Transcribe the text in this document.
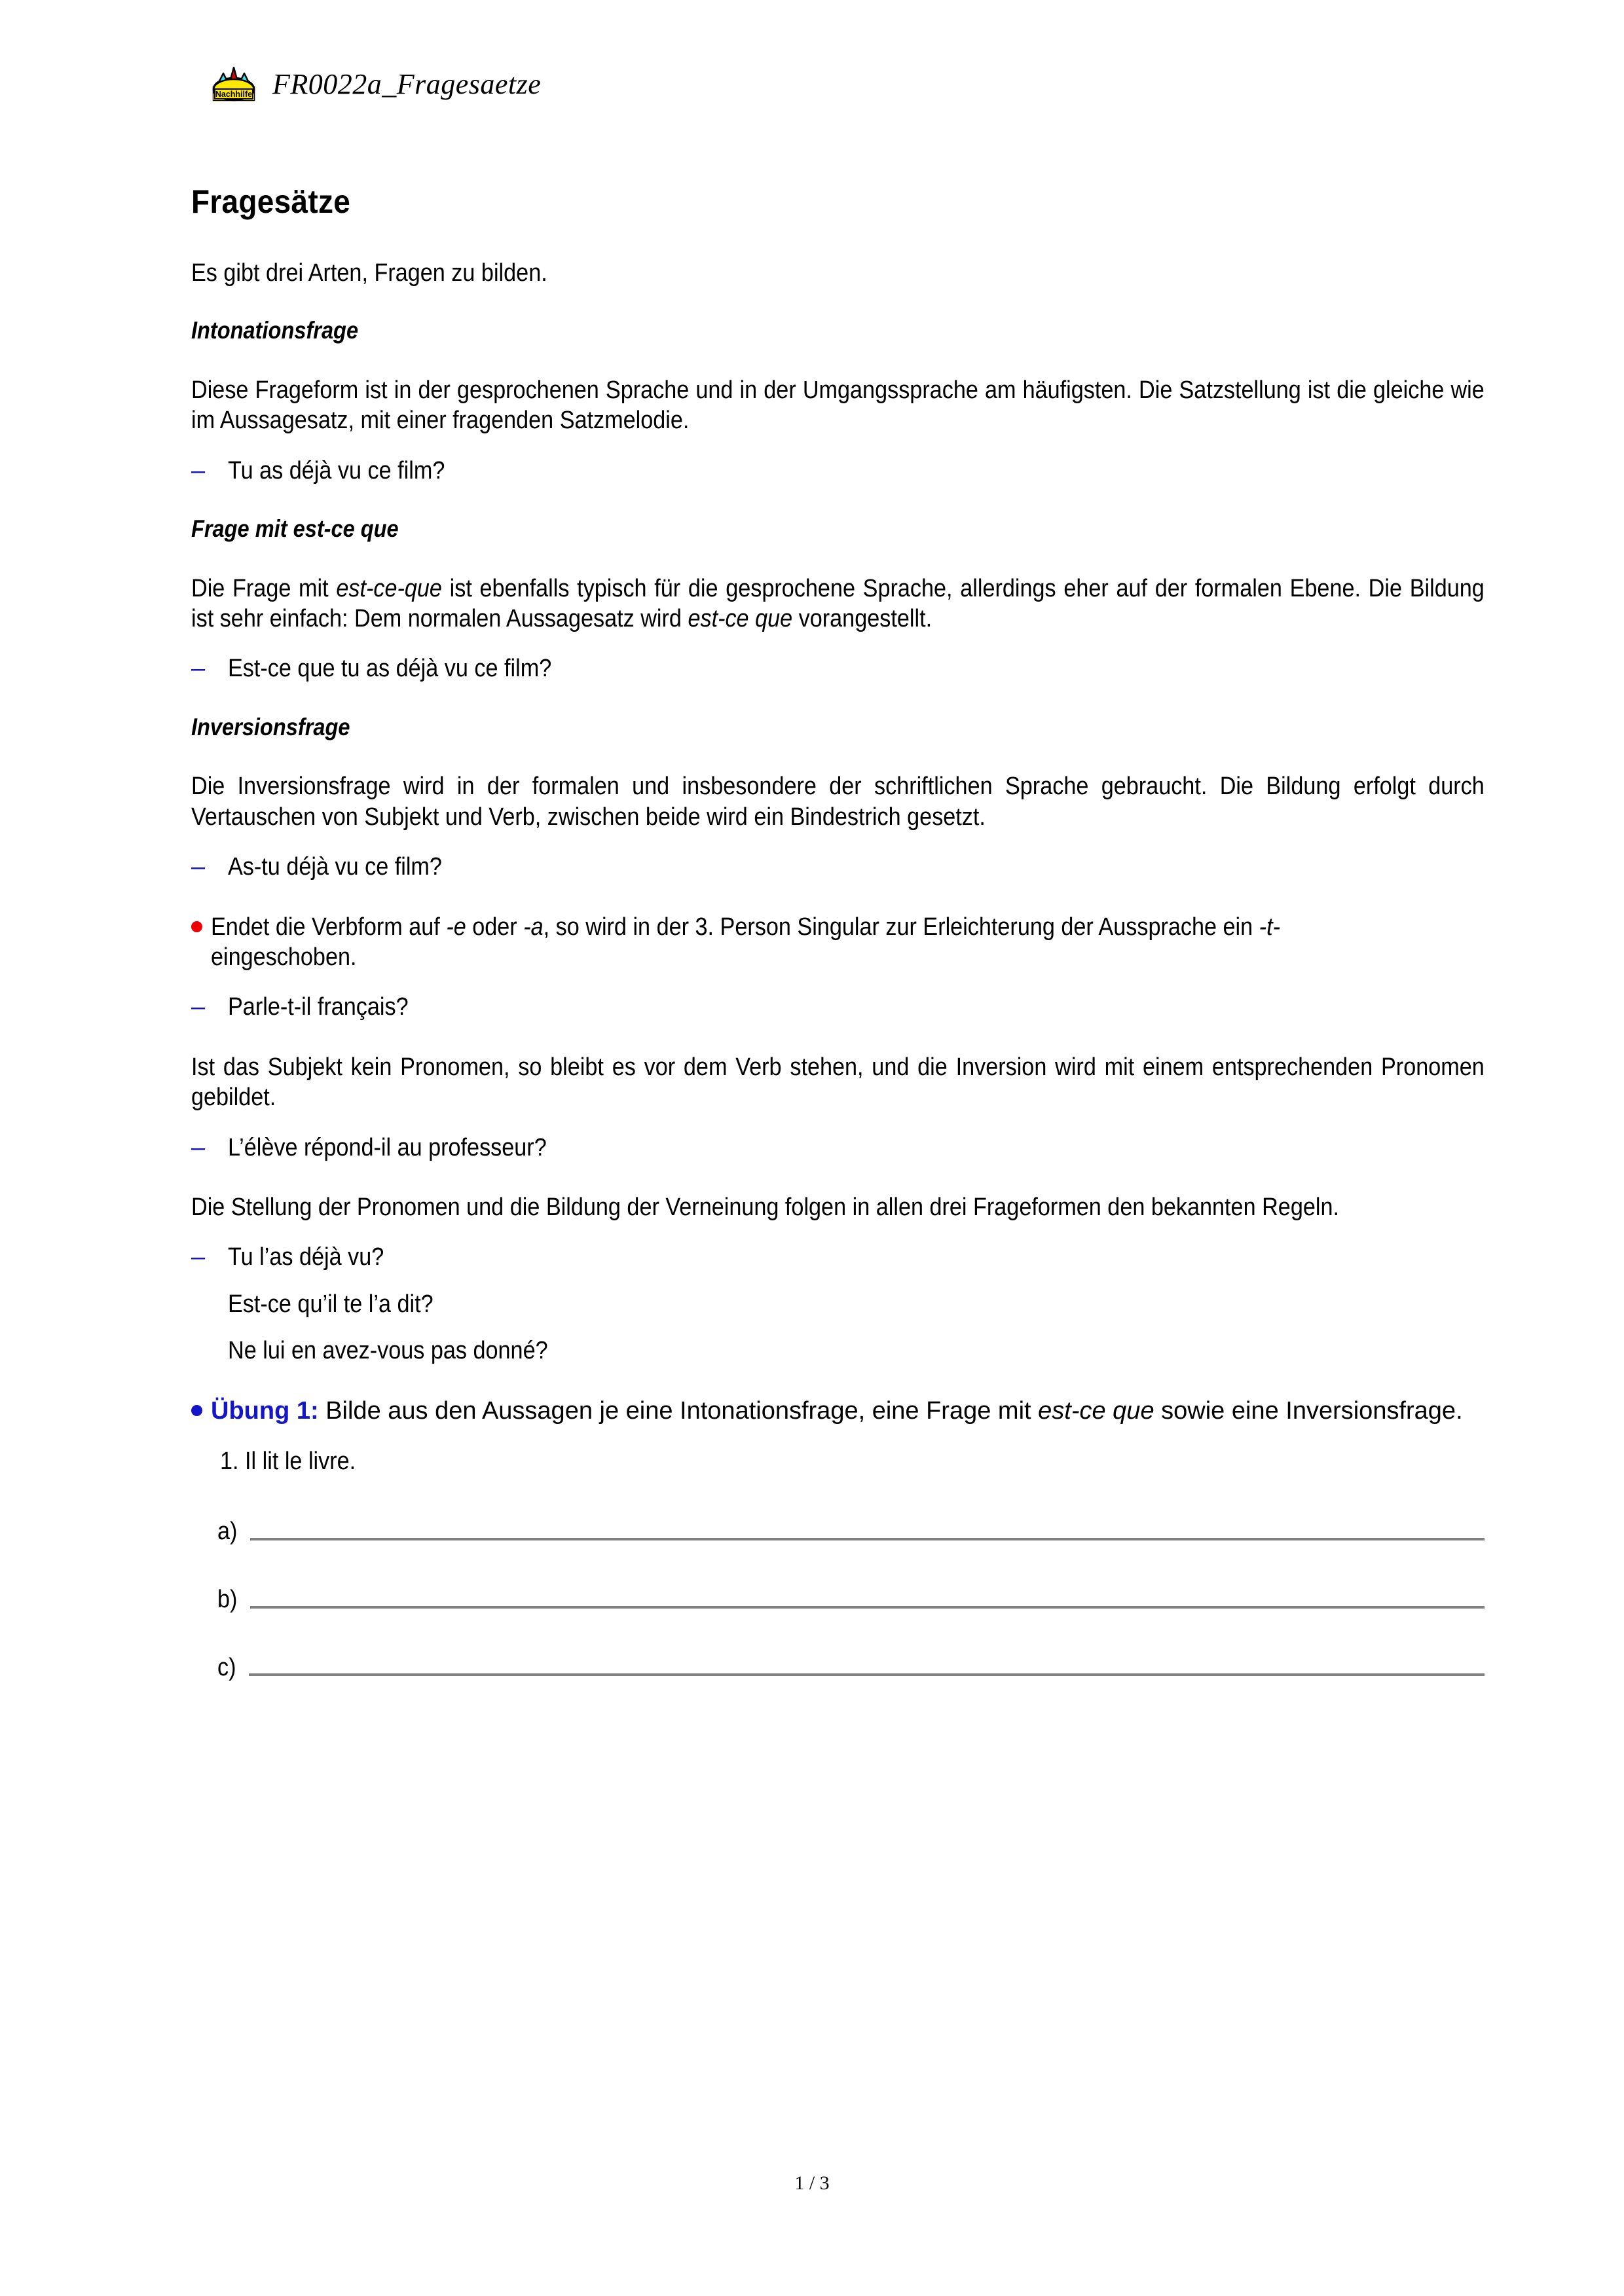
Nachhilfe FR0022a_Fragesaetze
Fragesätze

Es gibt drei Arten, Fragen zu bilden.

Intonationsfrage

Diese Frageform ist in der gesprochenen Sprache und in der Umgangssprache am häufigsten. Die Satzstellung ist die gleiche wie im Aussagesatz, mit einer fragenden Satzmelodie.

– Tu as déjà vu ce film?
Frage mit est-ce que

Die Frage mit est-ce-que ist ebenfalls typisch für die gesprochene Sprache, allerdings eher auf der formalen Ebene. Die Bildung ist sehr einfach: Dem normalen Aussagesatz wird est-ce que vorangestellt.

– Est-ce que tu as déjà vu ce film?
Inversionsfrage

Die Inversionsfrage wird in der formalen und insbesondere der schriftlichen Sprache gebraucht. Die Bildung erfolgt durch Vertauschen von Subjekt und Verb, zwischen beide wird ein Bindestrich gesetzt.

– As-tu déjà vu ce film?
Endet die Verbform auf -e oder -a, so wird in der 3. Person Singular zur Erleichterung der Aussprache ein -t- eingeschoben.
– Parle-t-il français?

Ist das Subjekt kein Pronomen, so bleibt es vor dem Verb stehen, und die Inversion wird mit einem entsprechenden Pronomen gebildet.

– L’élève répond-il au professeur?

Die Stellung der Pronomen und die Bildung der Verneinung folgen in allen drei Frageformen den bekannten Regeln.

– Tu l’as déjà vu?
Est-ce qu’il te l’a dit?
Ne lui en avez-vous pas donné?
Übung 1: Bilde aus den Aussagen je eine Intonationsfrage, eine Frage mit est-ce que sowie eine Inversionsfrage.
1. Il lit le livre.
a)
b)
c)
1 / 3
